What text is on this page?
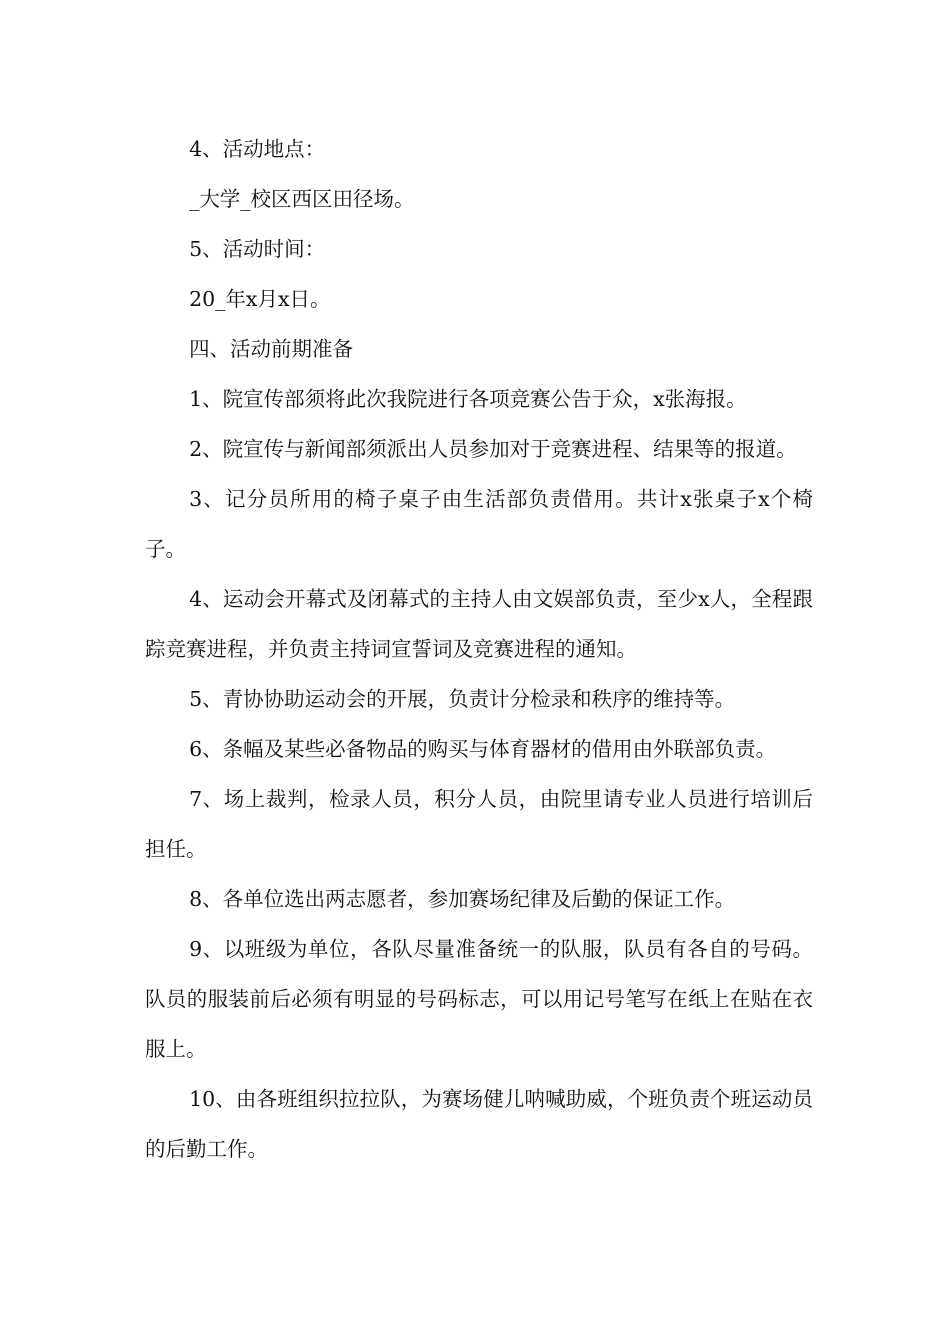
4、活动地点：

_大学_校区西区田径场。

5、活动时间：

20_年x月x日。

四、活动前期准备

1、院宣传部须将此次我院进行各项竞赛公告于众，x张海报。

2、院宣传与新闻部须派出人员参加对于竞赛进程、结果等的报道。

3、记分员所用的椅子桌子由生活部负责借用。共计x张桌子x个椅子。

4、运动会开幕式及闭幕式的主持人由文娱部负责，至少x人，全程跟踪竞赛进程，并负责主持词宣誓词及竞赛进程的通知。

5、青协协助运动会的开展，负责计分检录和秩序的维持等。

6、条幅及某些必备物品的购买与体育器材的借用由外联部负责。

7、场上裁判，检录人员，积分人员，由院里请专业人员进行培训后担任。

8、各单位选出两志愿者，参加赛场纪律及后勤的保证工作。

9、以班级为单位，各队尽量准备统一的队服，队员有各自的号码。队员的服装前后必须有明显的号码标志，可以用记号笔写在纸上在贴在衣服上。

10、由各班组织拉拉队，为赛场健儿呐喊助威，个班负责个班运动员的后勤工作。
